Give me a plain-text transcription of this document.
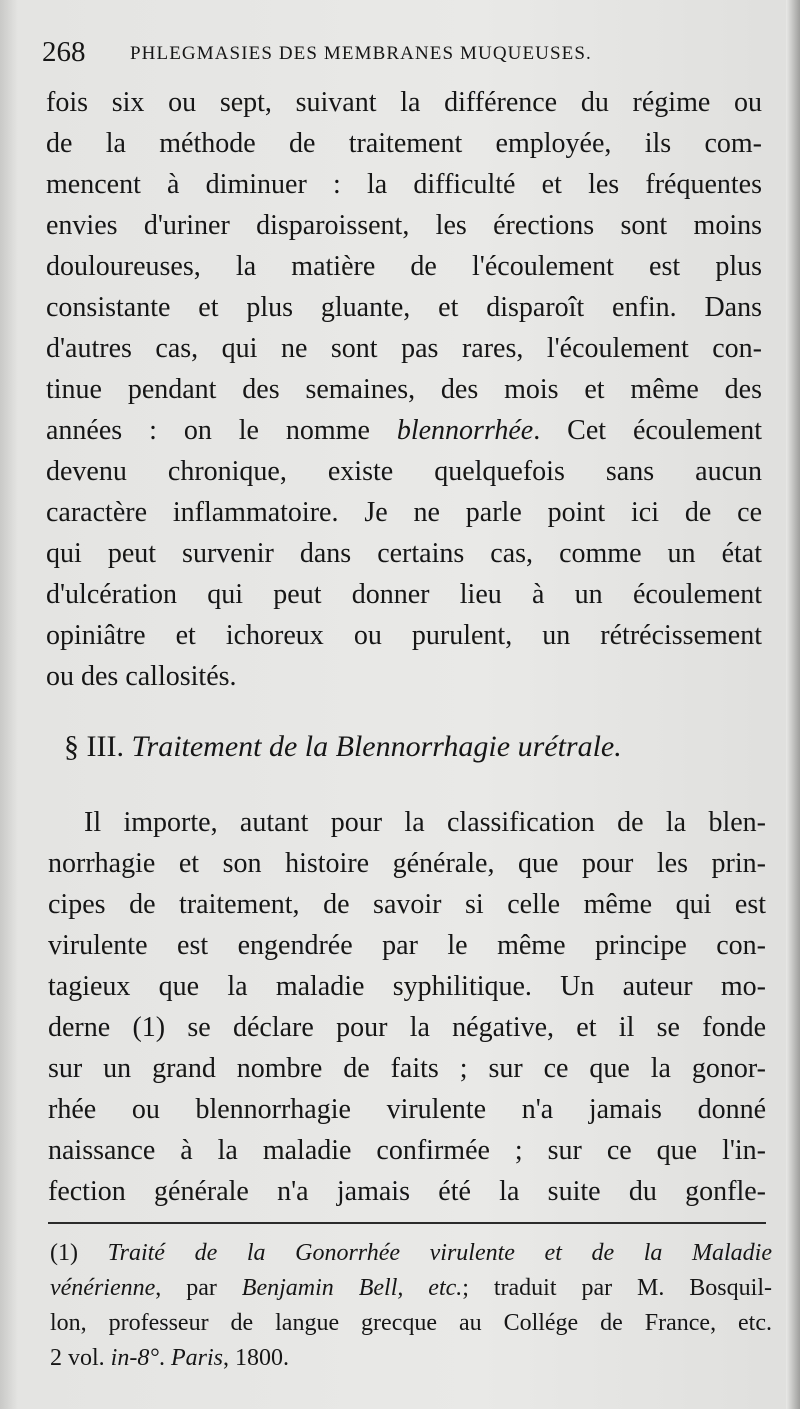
268 PHLEGMASIES DES MEMBRANES MUQUEUSES.
fois six ou sept, suivant la différence du régime ou
de la méthode de traitement employée, ils com-
mencent à diminuer : la difficulté et les fréquentes
envies d'uriner disparoissent, les érections sont moins
douloureuses, la matière de l'écoulement est plus
consistante et plus gluante, et disparoît enfin. Dans
d'autres cas, qui ne sont pas rares, l'écoulement con-
tinue pendant des semaines, des mois et même des
années : on le nomme blennorrhée. Cet écoulement
devenu chronique, existe quelquefois sans aucun
caractère inflammatoire. Je ne parle point ici de ce
qui peut survenir dans certains cas, comme un état
d'ulcération qui peut donner lieu à un écoulement
opiniâtre et ichoreux ou purulent, un rétrécissement
ou des callosités.
§ III. Traitement de la Blennorrhagie urétrale.
Il importe, autant pour la classification de la blen-
norrhagie et son histoire générale, que pour les prin-
cipes de traitement, de savoir si celle même qui est
virulente est engendrée par le même principe con-
tagieux que la maladie syphilitique. Un auteur mo-
derne (1) se déclare pour la négative, et il se fonde
sur un grand nombre de faits ; sur ce que la gonor-
rhée ou blennorrhagie virulente n'a jamais donné
naissance à la maladie confirmée ; sur ce que l'in-
fection générale n'a jamais été la suite du gonfle-
(1) Traité de la Gonorrhée virulente et de la Maladie
vénérienne, par Benjamin Bell, etc.; traduit par M. Bosquil-
lon, professeur de langue grecque au Collége de France, etc.
2 vol. in-8°. Paris, 1800.
